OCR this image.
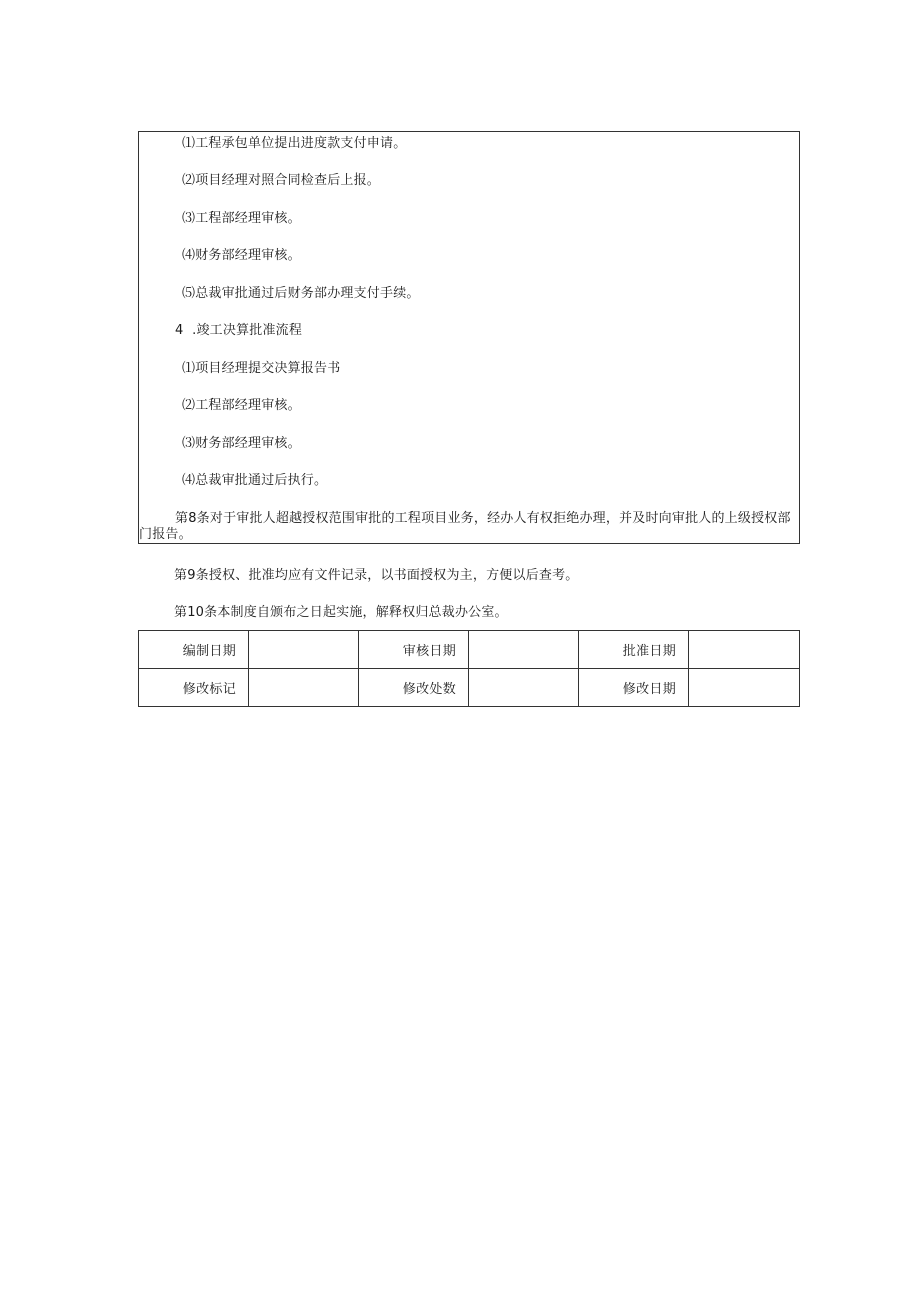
⑴工程承包单位提出进度款支付申请。
⑵项目经理对照合同检查后上报。
⑶工程部经理审核。
⑷财务部经理审核。
⑸总裁审批通过后财务部办理支付手续。
4  .竣工决算批准流程
⑴项目经理提交决算报告书
⑵工程部经理审核。
⑶财务部经理审核。
⑷总裁审批通过后执行。
第8条对于审批人超越授权范围审批的工程项目业务，经办人有权拒绝办理，并及时向审批人的上级授权部门报告。
第9条授权、批准均应有文件记录，以书面授权为主，方便以后查考。
第10条本制度自颁布之日起实施，解释权归总裁办公室。
编制日期		审核日期		批准日期	
修改标记		修改处数		修改日期	
